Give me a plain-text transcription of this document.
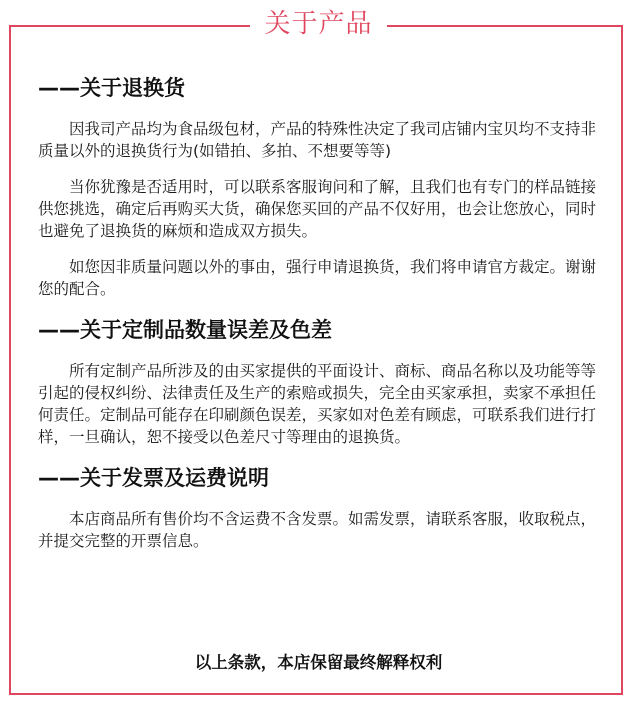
关于产品
——关于退换货

因我司产品均为食品级包材，产品的特殊性决定了我司店铺内宝贝均不支持非质量以外的退换货行为(如错拍、多拍、不想要等等)

当你犹豫是否适用时，可以联系客服询问和了解，且我们也有专门的样品链接供您挑选，确定后再购买大货，确保您买回的产品不仅好用，也会让您放心，同时也避免了退换货的麻烦和造成双方损失。

如您因非质量问题以外的事由，强行申请退换货，我们将申请官方裁定。谢谢您的配合。

——关于定制品数量误差及色差

所有定制产品所涉及的由买家提供的平面设计、商标、商品名称以及功能等等引起的侵权纠纷、法律责任及生产的索赔或损失，完全由买家承担，卖家不承担任何责任。定制品可能存在印刷颜色误差，买家如对色差有顾虑，可联系我们进行打样，一旦确认，恕不接受以色差尺寸等理由的退换货。

——关于发票及运费说明

本店商品所有售价均不含运费不含发票。如需发票，请联系客服，收取税点，并提交完整的开票信息。

以上条款，本店保留最终解释权利
